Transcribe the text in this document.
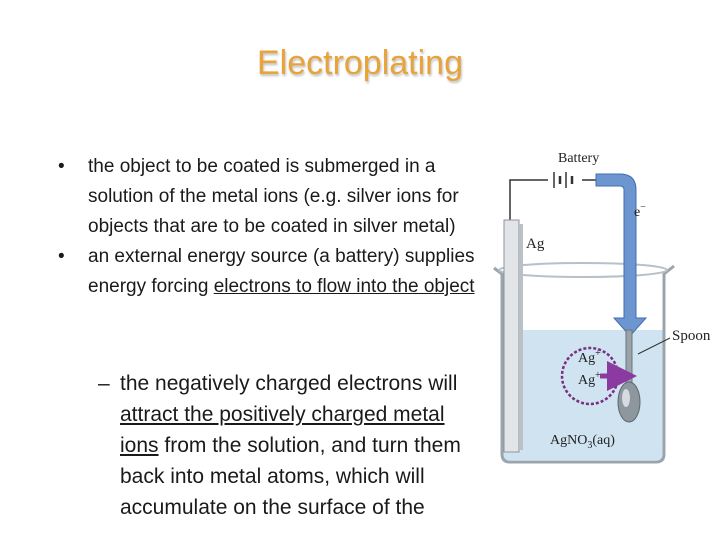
Electroplating
• the object to be coated is submerged in a solution of the metal ions (e.g. silver ions for objects that are to be coated in silver metal)
• an external energy source (a battery) supplies energy forcing electrons to flow into the object
– the negatively charged electrons will attract the positively charged metal ions from the solution, and turn them back into metal atoms, which will accumulate on the surface of the
Battery
e−
Ag
Spoon
Ag+
Ag+
AgNO$_3$(aq)
